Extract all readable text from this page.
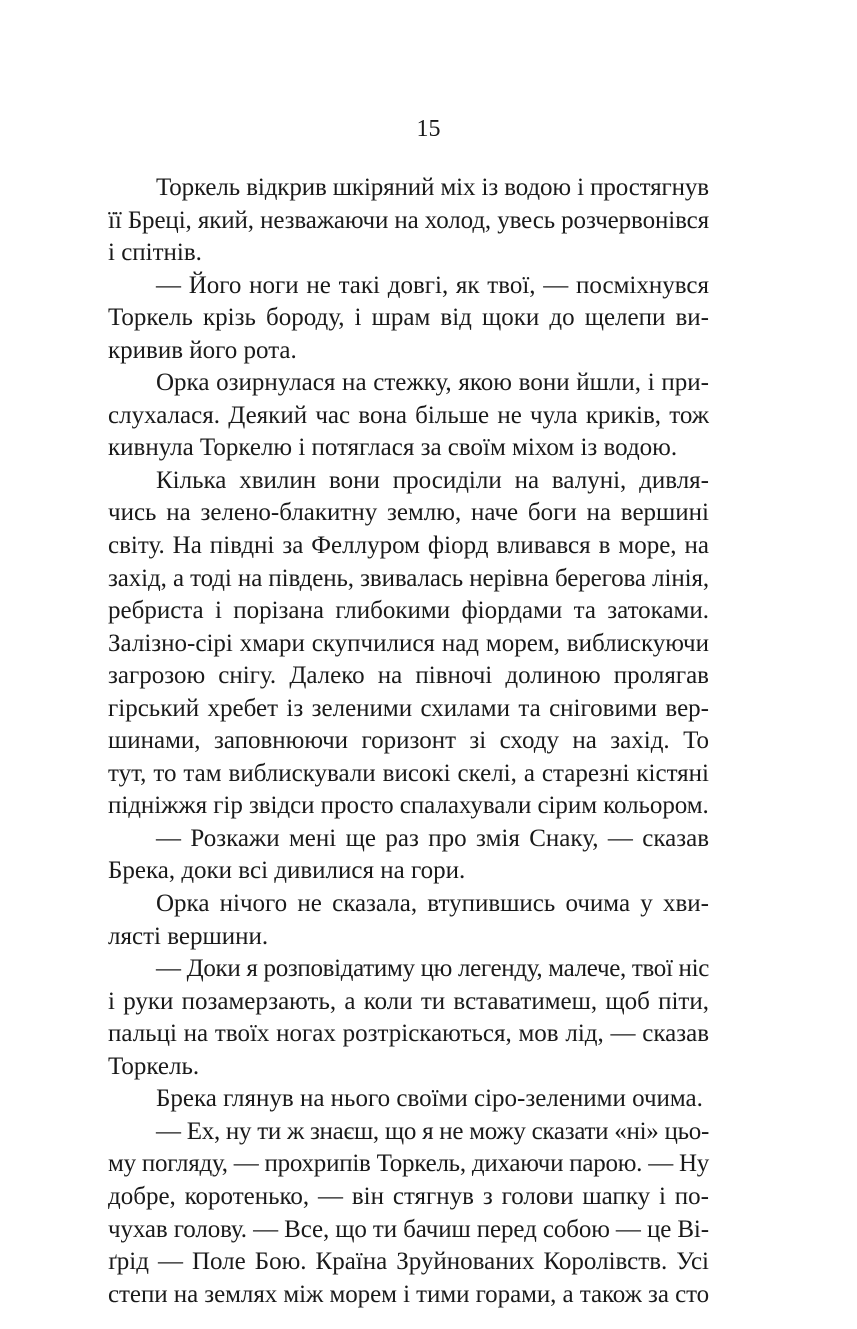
15
Торкель відкрив шкіряний міх із водою і простягнув
її Бреці, який, незважаючи на холод, увесь розчервонівся
і спітнів.
— Його ноги не такі довгі, як твої, — посміхнувся
Торкель крізь бороду, і шрам від щоки до щелепи ви-
кривив його рота.
Орка озирнулася на стежку, якою вони йшли, і при-
слухалася. Деякий час вона більше не чула криків, тож
кивнула Торкелю і потяглася за своїм міхом із водою.
Кілька хвилин вони просиділи на валуні, дивля-
чись на зелено-блакитну землю, наче боги на вершині
світу. На півдні за Феллуром фіорд вливався в море, на
захід, а тоді на південь, звивалась нерівна берегова лінія,
ребриста і порізана глибокими фіордами та затоками.
Залізно-сірі хмари скупчилися над морем, виблискуючи
загрозою снігу. Далеко на півночі долиною пролягав
гірський хребет із зеленими схилами та сніговими вер-
шинами, заповнюючи горизонт зі сходу на захід. То
тут, то там виблискували високі скелі, а старезні кістяні
підніжжя гір звідси просто спалахували сірим кольором.
— Розкажи мені ще раз про змія Снаку, — сказав
Брека, доки всі дивилися на гори.
Орка нічого не сказала, втупившись очима у хви-
лясті вершини.
— Доки я розповідатиму цю легенду, малече, твої ніс
і руки позамерзають, а коли ти вставатимеш, щоб піти,
пальці на твоїх ногах розтріскаються, мов лід, — сказав
Торкель.
Брека глянув на нього своїми сіро-зеленими очима.
— Ех, ну ти ж знаєш, що я не можу сказати «ні» цьо-
му погляду, — прохрипів Торкель, дихаючи парою. — Ну
добре, коротенько, — він стягнув з голови шапку і по-
чухав голову. — Все, що ти бачиш перед собою — це Ві-
ґрід — Поле Бою. Країна Зруйнованих Королівств. Усі
степи на землях між морем і тими горами, а також за сто
